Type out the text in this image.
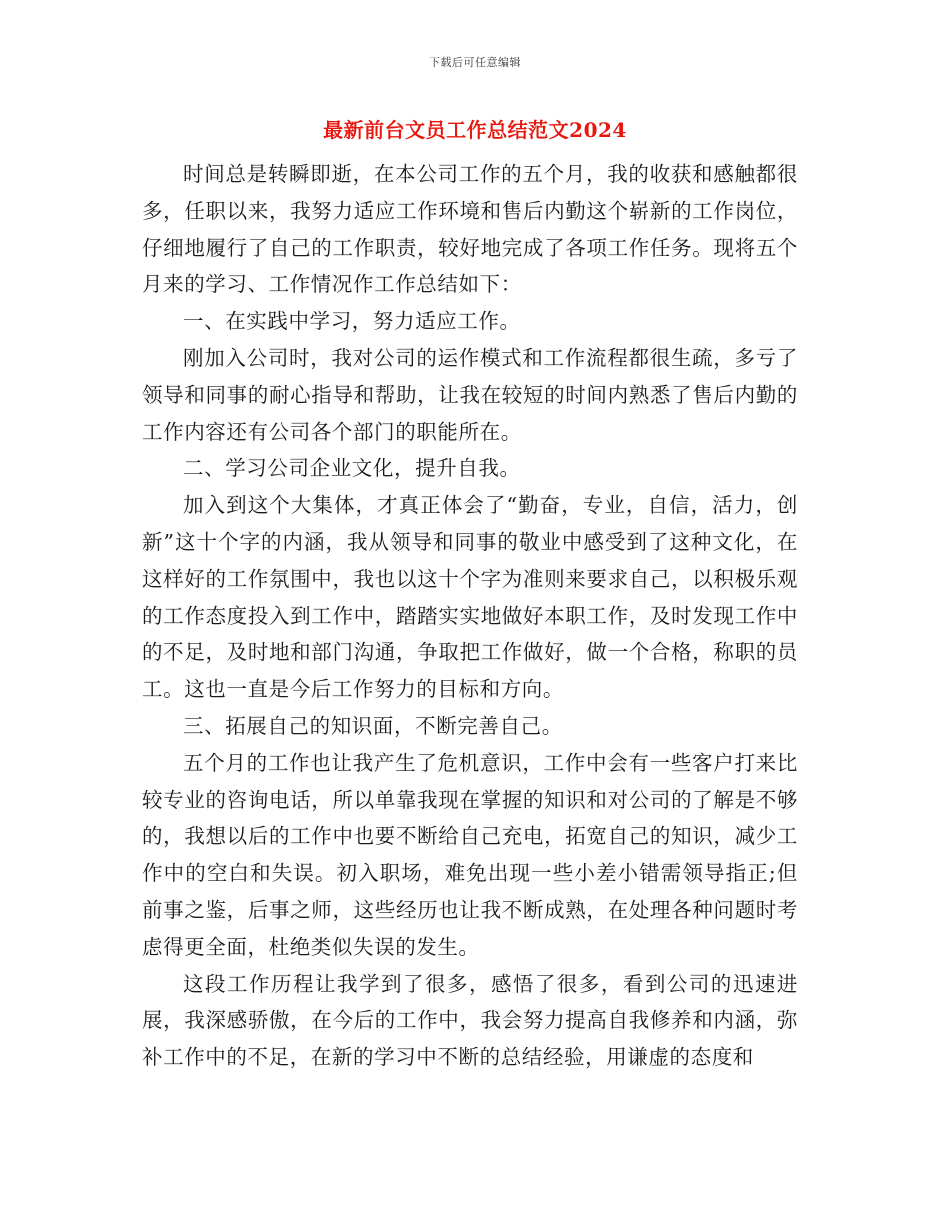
下载后可任意编辑
最新前台文员工作总结范文2024

时间总是转瞬即逝，在本公司工作的五个月，我的收获和感触都很多，任职以来，我努力适应工作环境和售后内勤这个崭新的工作岗位，仔细地履行了自己的工作职责，较好地完成了各项工作任务。现将五个月来的学习、工作情况作工作总结如下：

一、在实践中学习，努力适应工作。

刚加入公司时，我对公司的运作模式和工作流程都很生疏，多亏了领导和同事的耐心指导和帮助，让我在较短的时间内熟悉了售后内勤的工作内容还有公司各个部门的职能所在。

二、学习公司企业文化，提升自我。

加入到这个大集体，才真正体会了“勤奋，专业，自信，活力，创新”这十个字的内涵，我从领导和同事的敬业中感受到了这种文化，在这样好的工作氛围中，我也以这十个字为准则来要求自己，以积极乐观的工作态度投入到工作中，踏踏实实地做好本职工作，及时发现工作中的不足，及时地和部门沟通，争取把工作做好，做一个合格，称职的员工。这也一直是今后工作努力的目标和方向。

三、拓展自己的知识面，不断完善自己。

五个月的工作也让我产生了危机意识，工作中会有一些客户打来比较专业的咨询电话，所以单靠我现在掌握的知识和对公司的了解是不够的，我想以后的工作中也要不断给自己充电，拓宽自己的知识，减少工作中的空白和失误。初入职场，难免出现一些小差小错需领导指正;但前事之鉴，后事之师，这些经历也让我不断成熟，在处理各种问题时考虑得更全面，杜绝类似失误的发生。

这段工作历程让我学到了很多，感悟了很多，看到公司的迅速进展，我深感骄傲，在今后的工作中，我会努力提高自我修养和内涵，弥补工作中的不足，在新的学习中不断的总结经验，用谦虚的态度和
